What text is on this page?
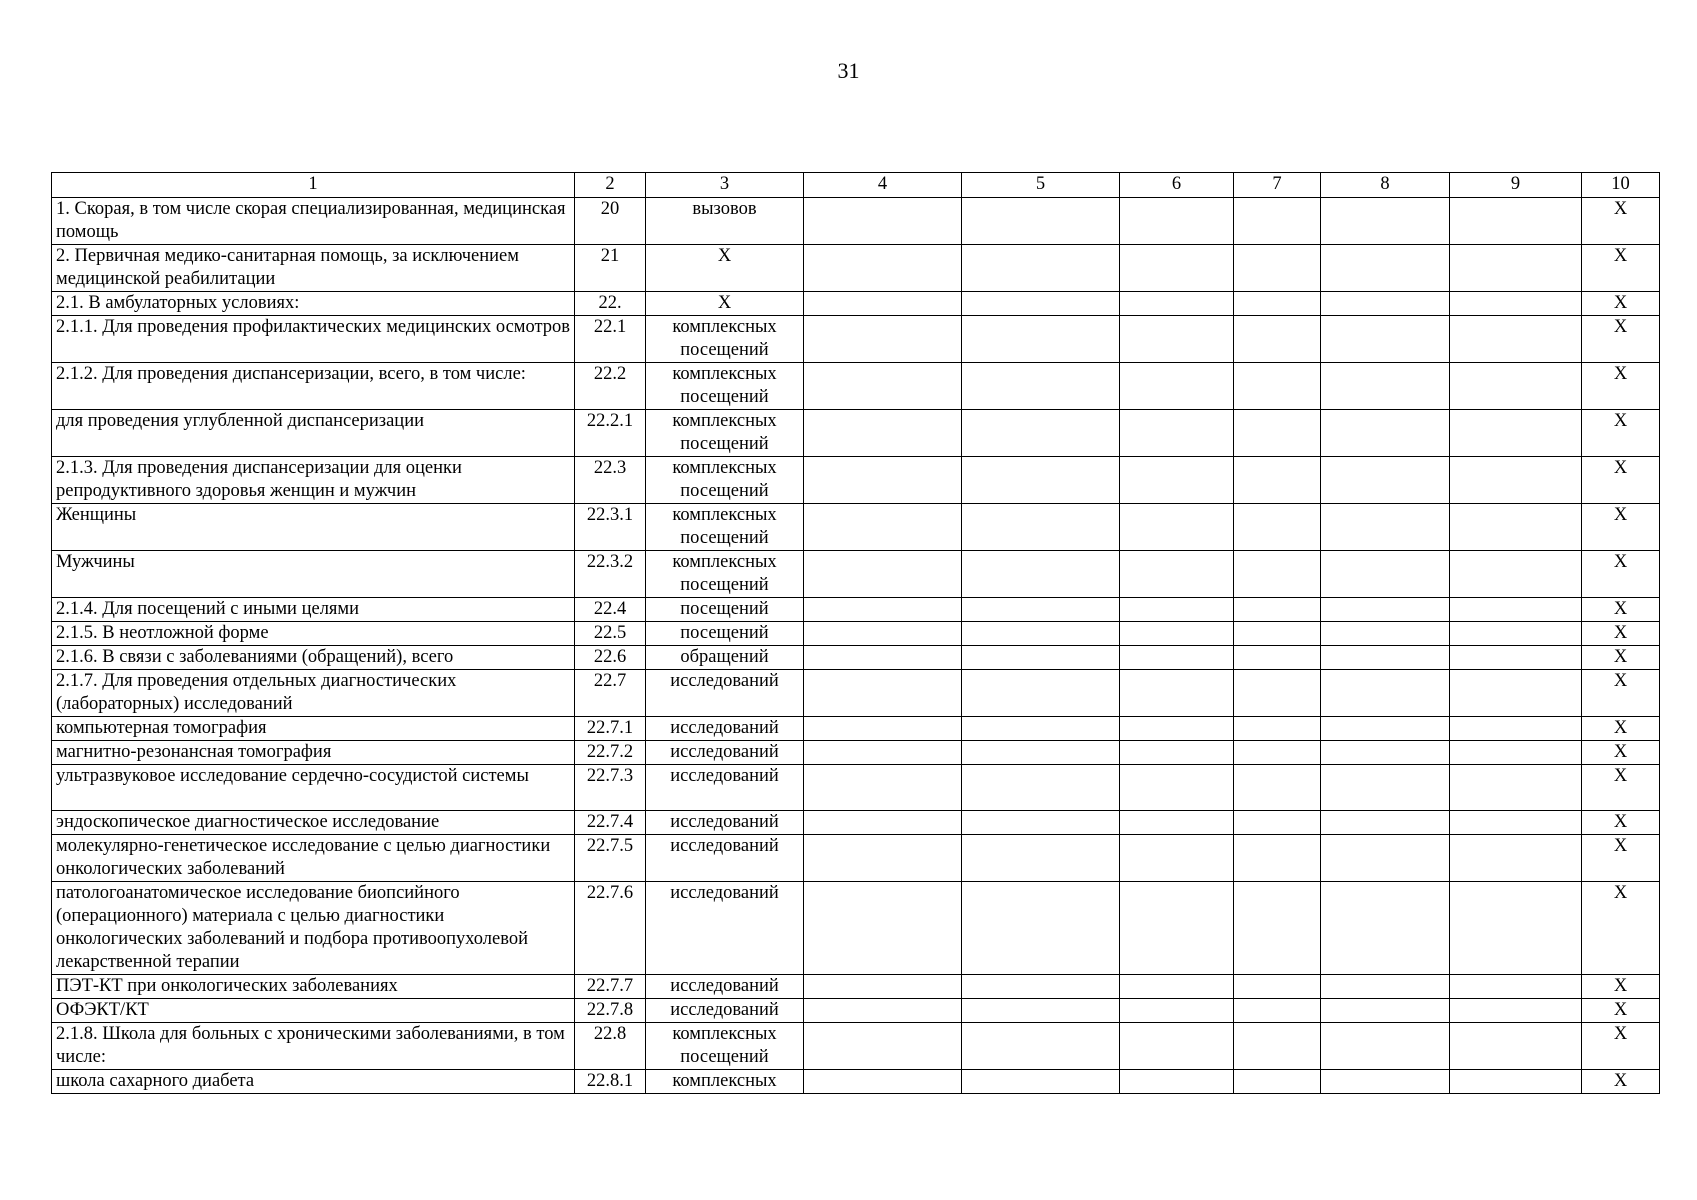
31
1	2	3	4	5	6	7	8	9	10
1. Скорая, в том числе скорая специализированная, медицинская помощь	20	вызовов							Х
2. Первичная медико-санитарная помощь, за исключением медицинской реабилитации	21	Х							Х
2.1. В амбулаторных условиях:	22.	Х							Х
2.1.1. Для проведения профилактических медицинских осмотров	22.1	комплексных посещений							Х
2.1.2. Для проведения диспансеризации, всего, в том числе:	22.2	комплексных посещений							Х
для проведения углубленной диспансеризации	22.2.1	комплексных посещений							Х
2.1.3. Для проведения диспансеризации для оценки репродуктивного здоровья женщин и мужчин	22.3	комплексных посещений							Х
Женщины	22.3.1	комплексных посещений							Х
Мужчины	22.3.2	комплексных посещений							Х
2.1.4. Для посещений с иными целями	22.4	посещений							Х
2.1.5. В неотложной форме	22.5	посещений							Х
2.1.6. В связи с заболеваниями (обращений), всего	22.6	обращений							Х
2.1.7. Для проведения отдельных диагностических (лабораторных) исследований	22.7	исследований							Х
компьютерная томография	22.7.1	исследований							Х
магнитно-резонансная томография	22.7.2	исследований							Х
ультразвуковое исследование сердечно-сосудистой системы	22.7.3	исследований							Х
эндоскопическое диагностическое исследование	22.7.4	исследований							Х
молекулярно-генетическое исследование с целью диагностики онкологических заболеваний	22.7.5	исследований							Х
патологоанатомическое исследование биопсийного (операционного) материала с целью диагностики онкологических заболеваний и подбора противоопухолевой лекарственной терапии	22.7.6	исследований							Х
ПЭТ-КТ при онкологических заболеваниях	22.7.7	исследований							Х
ОФЭКТ/КТ	22.7.8	исследований							Х
2.1.8. Школа для больных с хроническими заболеваниями, в том числе:	22.8	комплексных посещений							Х
школа сахарного диабета	22.8.1	комплексных							Х
